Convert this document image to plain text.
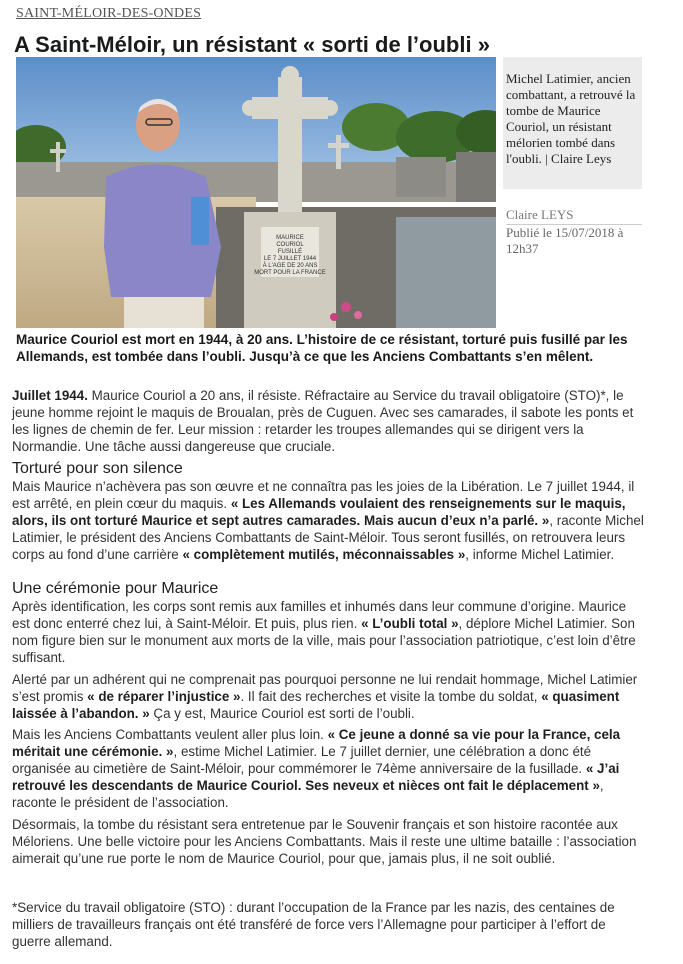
SAINT-MÉLOIR-DES-ONDES
A Saint-Méloir, un résistant « sorti de l’oubli »
MAURICE
COURIOL
FUSILLÉ
LE 7 JUILLET 1944
À L'AGE DE 20 ANS
MORT POUR LA FRANCE
Michel Latimier, ancien combattant, a retrouvé la tombe de Maurice Couriol, un résistant mélorien tombé dans l'oubli. | Claire Leys
Claire LEYS
Publié le 15/07/2018 à 12h37

Maurice Couriol est mort en 1944, à 20 ans. L’histoire de ce résistant, torturé puis fusillé par les Allemands, est tombée dans l’oubli. Jusqu’à ce que les Anciens Combattants s’en mêlent.

Juillet 1944. Maurice Couriol a 20 ans, il résiste. Réfractaire au Service du travail obligatoire (STO)*, le jeune homme rejoint le maquis de Broualan, près de Cuguen. Avec ses camarades, il sabote les ponts et les lignes de chemin de fer. Leur mission : retarder les troupes allemandes qui se dirigent vers la Normandie. Une tâche aussi dangereuse que cruciale.

Torturé pour son silence

Mais Maurice n’achèvera pas son œuvre et ne connaîtra pas les joies de la Libération. Le 7 juillet 1944, il est arrêté, en plein cœur du maquis. « Les Allemands voulaient des renseignements sur le maquis, alors, ils ont torturé Maurice et sept autres camarades. Mais aucun d’eux n’a parlé. », raconte Michel Latimier, le président des Anciens Combattants de Saint-Méloir. Tous seront fusillés, on retrouvera leurs corps au fond d’une carrière « complètement mutilés, méconnaissables », informe Michel Latimier.

Une cérémonie pour Maurice

Après identification, les corps sont remis aux familles et inhumés dans leur commune d’origine. Maurice est donc enterré chez lui, à Saint-Méloir. Et puis, plus rien. « L’oubli total », déplore Michel Latimier. Son nom figure bien sur le monument aux morts de la ville, mais pour l’association patriotique, c’est loin d’être suffisant.

Alerté par un adhérent qui ne comprenait pas pourquoi personne ne lui rendait hommage, Michel Latimier s’est promis « de réparer l’injustice ». Il fait des recherches et visite la tombe du soldat, « quasiment laissée à l’abandon. » Ça y est, Maurice Couriol est sorti de l’oubli.

Mais les Anciens Combattants veulent aller plus loin. « Ce jeune a donné sa vie pour la France, cela méritait une cérémonie. », estime Michel Latimier. Le 7 juillet dernier, une célébration a donc été organisée au cimetière de Saint-Méloir, pour commémorer le 74ème anniversaire de la fusillade. « J’ai retrouvé les descendants de Maurice Couriol. Ses neveux et nièces ont fait le déplacement », raconte le président de l’association.

Désormais, la tombe du résistant sera entretenue par le Souvenir français et son histoire racontée aux Méloriens. Une belle victoire pour les Anciens Combattants. Mais il reste une ultime bataille : l’association aimerait qu’une rue porte le nom de Maurice Couriol, pour que, jamais plus, il ne soit oublié.

*Service du travail obligatoire (STO) : durant l’occupation de la France par les nazis, des centaines de milliers de travailleurs français ont été transféré de force vers l’Allemagne pour participer à l’effort de guerre allemand.
